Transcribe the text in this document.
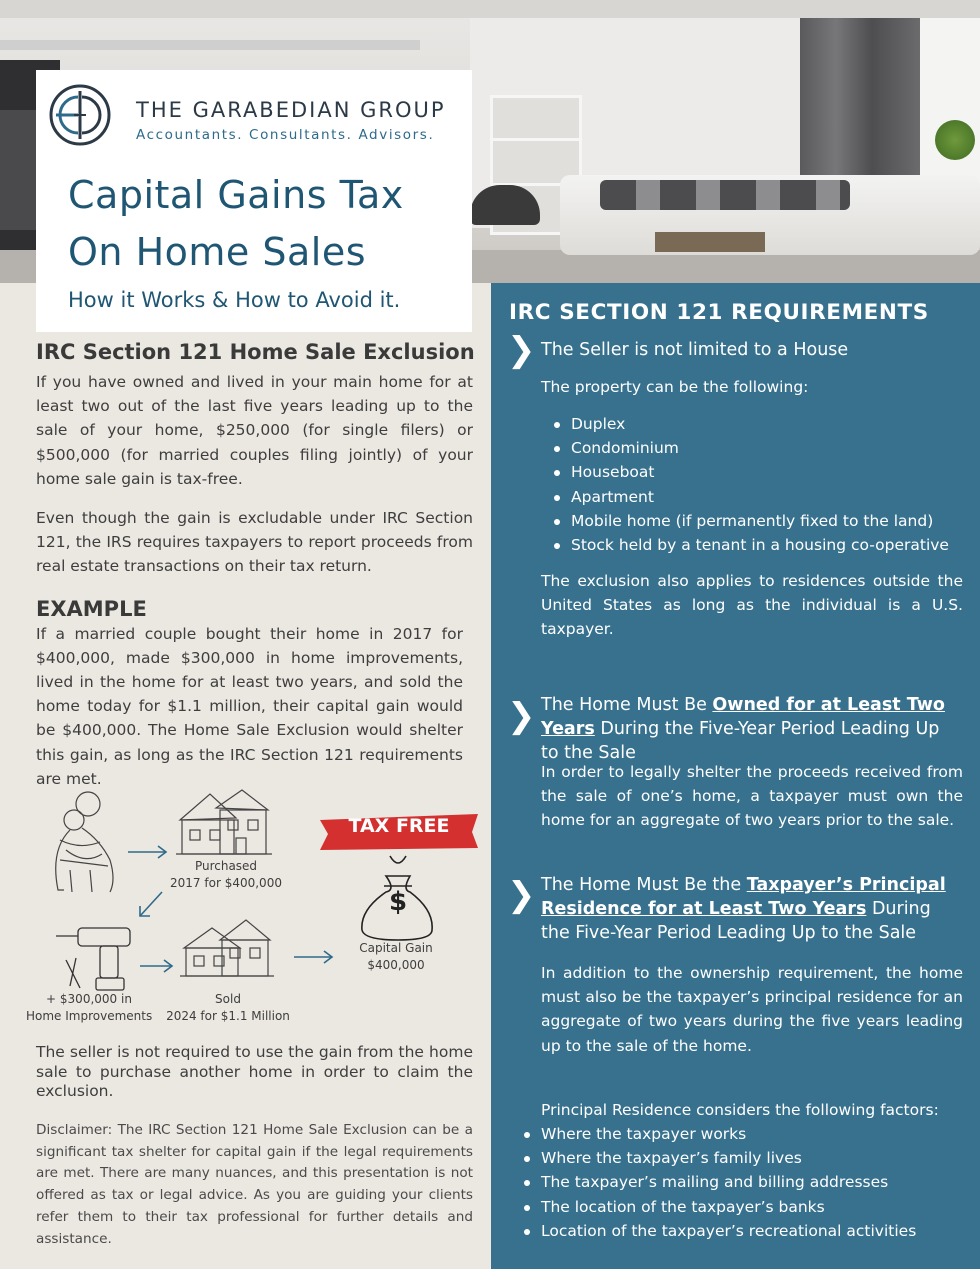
THE GARABEDIAN GROUP
Accountants. Consultants. Advisors.
Capital Gains Tax
On Home Sales
How it Works & How to Avoid it.
IRC Section 121 Home Sale Exclusion

If you have owned and lived in your main home for at least two out of the last five years leading up to the sale of your home, $250,000 (for single filers) or $500,000 (for married couples filing jointly) of your home sale gain is tax-free.

Even though the gain is excludable under IRC Section 121, the IRS requires taxpayers to report proceeds from real estate transactions on their tax return.

EXAMPLE

If a married couple bought their home in 2017 for $400,000, made $300,000 in home improvements, lived in the home for at least two years, and sold the home today for $1.1 million, their capital gain would be $400,000. The Home Sale Exclusion would shelter this gain, as long as the IRC Section 121 requirements are met.

$
TAX FREE
Purchased
2017 for $400,000
+ $300,000 in
Home Improvements
Sold
2024 for $1.1 Million
Capital Gain
$400,000

The seller is not required to use the gain from the home sale to purchase another home in order to claim the exclusion.

Disclaimer: The IRC Section 121 Home Sale Exclusion can be a significant tax shelter for capital gain if the legal requirements are met. There are many nuances, and this presentation is not offered as tax or legal advice. As you are guiding your clients refer them to their tax professional for further details and assistance.

IRC SECTION 121 REQUIREMENTS
❯ The Seller is not limited to a House
The property can be the following:
Duplex
Condominium
Houseboat
Apartment
Mobile home (if permanently fixed to the land)
Stock held by a tenant in a housing co-operative
The exclusion also applies to residences outside the United States as long as the individual is a U.S. taxpayer.
❯ The Home Must Be Owned for at Least Two
Years During the Five-Year Period Leading Up to the Sale
In order to legally shelter the proceeds received from the sale of one’s home, a taxpayer must own the home for an aggregate of two years prior to the sale.
❯ The Home Must Be the Taxpayer’s Principal
Residence for at Least Two Years During the Five-Year Period Leading Up to the Sale
In addition to the ownership requirement, the home must also be the taxpayer’s principal residence for an aggregate of two years during the five years leading up to the sale of the home.
Principal Residence considers the following factors:
Where the taxpayer works
Where the taxpayer’s family lives
The taxpayer’s mailing and billing addresses
The location of the taxpayer’s banks
Location of the taxpayer’s recreational activities
